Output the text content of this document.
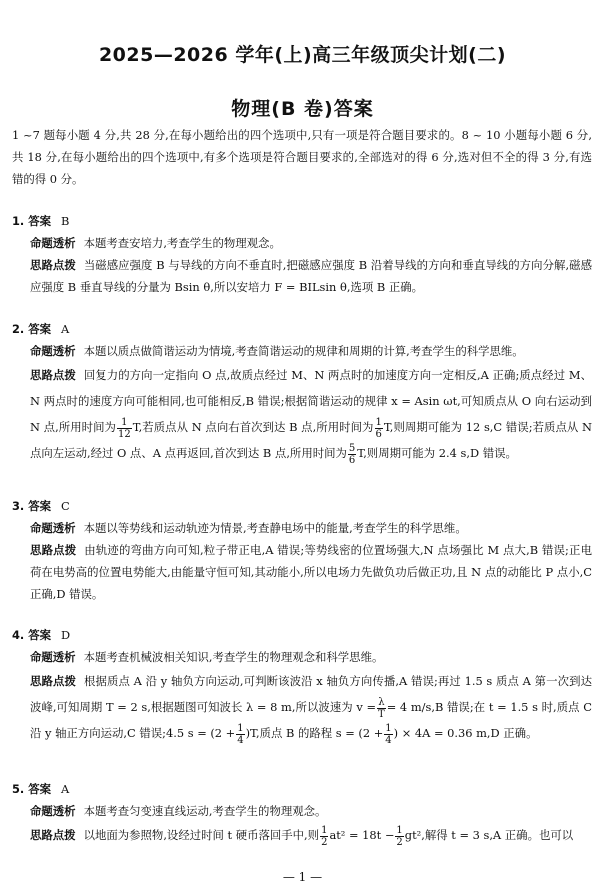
2025—2026 学年(上)高三年级顶尖计划(二)
物理(B 卷)答案
1 ~7 题每小题 4 分,共 28 分,在每小题给出的四个选项中,只有一项是符合题目要求的。8 ~ 10 小题每小题 6 分,共 18 分,在每小题给出的四个选项中,有多个选项是符合题目要求的,全部选对的得 6 分,选对但不全的得 3 分,有选错的得 0 分。
1. 答案 B
命题透析 本题考查安培力,考查学生的物理观念。
思路点拨 当磁感应强度 B 与导线的方向不垂直时,把磁感应强度 B 沿着导线的方向和垂直导线的方向分解,磁感应强度 B 垂直导线的分量为 Bsin θ,所以安培力 F = BILsin θ,选项 B 正确。
2. 答案 A
命题透析 本题以质点做简谐运动为情境,考查简谐运动的规律和周期的计算,考查学生的科学思维。
思路点拨 回复力的方向一定指向 O 点,故质点经过 M、N 两点时的加速度方向一定相反,A 正确;质点经过 M、N 两点时的速度方向可能相同,也可能相反,B 错误;根据简谐运动的规律 x = Asin ωt,可知质点从 O 向右运动到 N 点,所用时间为 $\frac{1}{12} T$,若质点从 N 点向右首次到达 B 点,所用时间为 $\frac{1}{6} T$,则周期可能为 12 s,C 错误;若质点从 N 点向左运动,经过 O 点、A 点再返回,首次到达 B 点,所用时间为 $\frac{5}{6} T$,则周期可能为 2.4 s,D 错误。
3. 答案 C
命题透析 本题以等势线和运动轨迹为情景,考查静电场中的能量,考查学生的科学思维。
思路点拨 由轨迹的弯曲方向可知,粒子带正电,A 错误;等势线密的位置场强大,N 点场强比 M 点大,B 错误;正电荷在电势高的位置电势能大,由能量守恒可知,其动能小,所以电场力先做负功后做正功,且 N 点的动能比 P 点小,C 正确,D 错误。
4. 答案 D
命题透析 本题考查机械波相关知识,考查学生的物理观念和科学思维。
思路点拨 根据质点 A 沿 y 轴负方向运动,可判断该波沿 x 轴负方向传播,A 错误;再过 1.5 s 质点 A 第一次到达波峰,可知周期 T = 2 s,根据题图可知波长 λ = 8 m,所以波速为 $v = \frac{\lambda}{T} = 4$ m/s,B 错误;在 t = 1.5 s 时,质点 C 沿 y 轴正方向运动,C 错误;4.5 $s = (2 + \frac{1}{4} )T$,质点 B 的路程 $s = (2 + \frac{1}{4}$ ) × 4A = 0.36 m,D 正确。
5. 答案 A
命题透析 本题考查匀变速直线运动,考查学生的物理观念。
思路点拨 以地面为参照物,设经过时间 t 硬币落回手中,则 $\frac{1}{2} at^2 = 18t - \frac{1}{2} gt^2$,解得 t = 3 s,A 正确。也可以
— 1 —
